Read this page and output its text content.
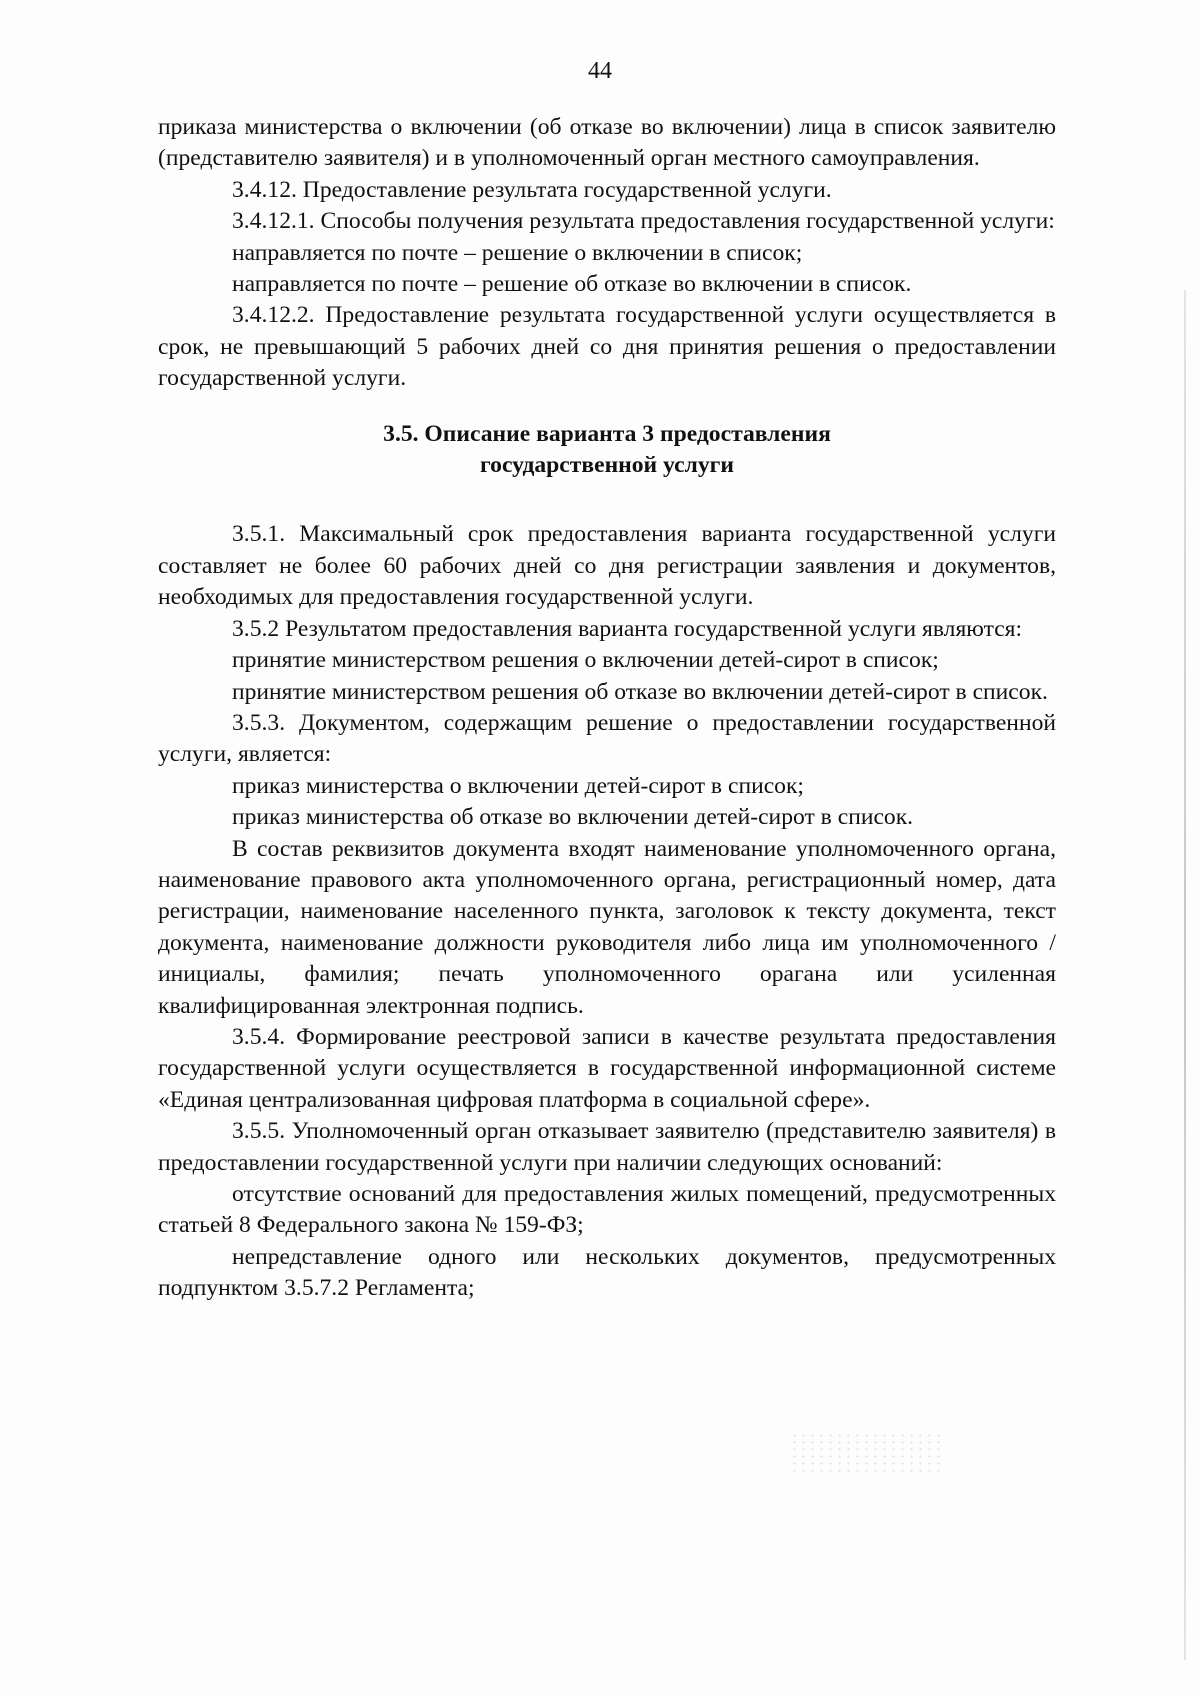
44

приказа министерства о включении (об отказе во включении) лица в список заявителю (представителю заявителя) и в уполномоченный орган местного самоуправления.

3.4.12. Предоставление результата государственной услуги.

3.4.12.1. Способы получения результата предоставления государственной услуги:

направляется по почте – решение о включении в список;

направляется по почте – решение об отказе во включении в список.

3.4.12.2. Предоставление результата государственной услуги осуществляется в срок, не превышающий 5 рабочих дней со дня принятия решения о предоставлении государственной услуги.

3.5. Описание варианта 3 предоставления

государственной услуги

3.5.1. Максимальный срок предоставления варианта государственной услуги составляет не более 60 рабочих дней со дня регистрации заявления и документов, необходимых для предоставления государственной услуги.

3.5.2 Результатом предоставления варианта государственной услуги являются:

принятие министерством решения о включении детей-сирот в список;

принятие министерством решения об отказе во включении детей-сирот в список.

3.5.3. Документом, содержащим решение о предоставлении государственной услуги, является:

приказ министерства о включении детей-сирот в список;

приказ министерства об отказе во включении детей-сирот в список.

В состав реквизитов документа входят наименование уполномоченного органа, наименование правового акта уполномоченного органа, регистрационный номер, дата регистрации, наименование населенного пункта, заголовок к тексту документа, текст документа, наименование должности руководителя либо лица им уполномоченного / инициалы, фамилия; печать уполномоченного орагана или усиленная квалифицированная электронная подпись.

3.5.4. Формирование реестровой записи в качестве результата предоставления государственной услуги осуществляется в государственной информационной системе «Единая централизованная цифровая платформа в социальной сфере».

3.5.5. Уполномоченный орган отказывает заявителю (представителю заявителя) в предоставлении государственной услуги при наличии следующих оснований:

отсутствие оснований для предоставления жилых помещений, предусмотренных статьей 8 Федерального закона № 159-ФЗ;

непредставление одного или нескольких документов, предусмотренных подпунктом 3.5.7.2 Регламента;
